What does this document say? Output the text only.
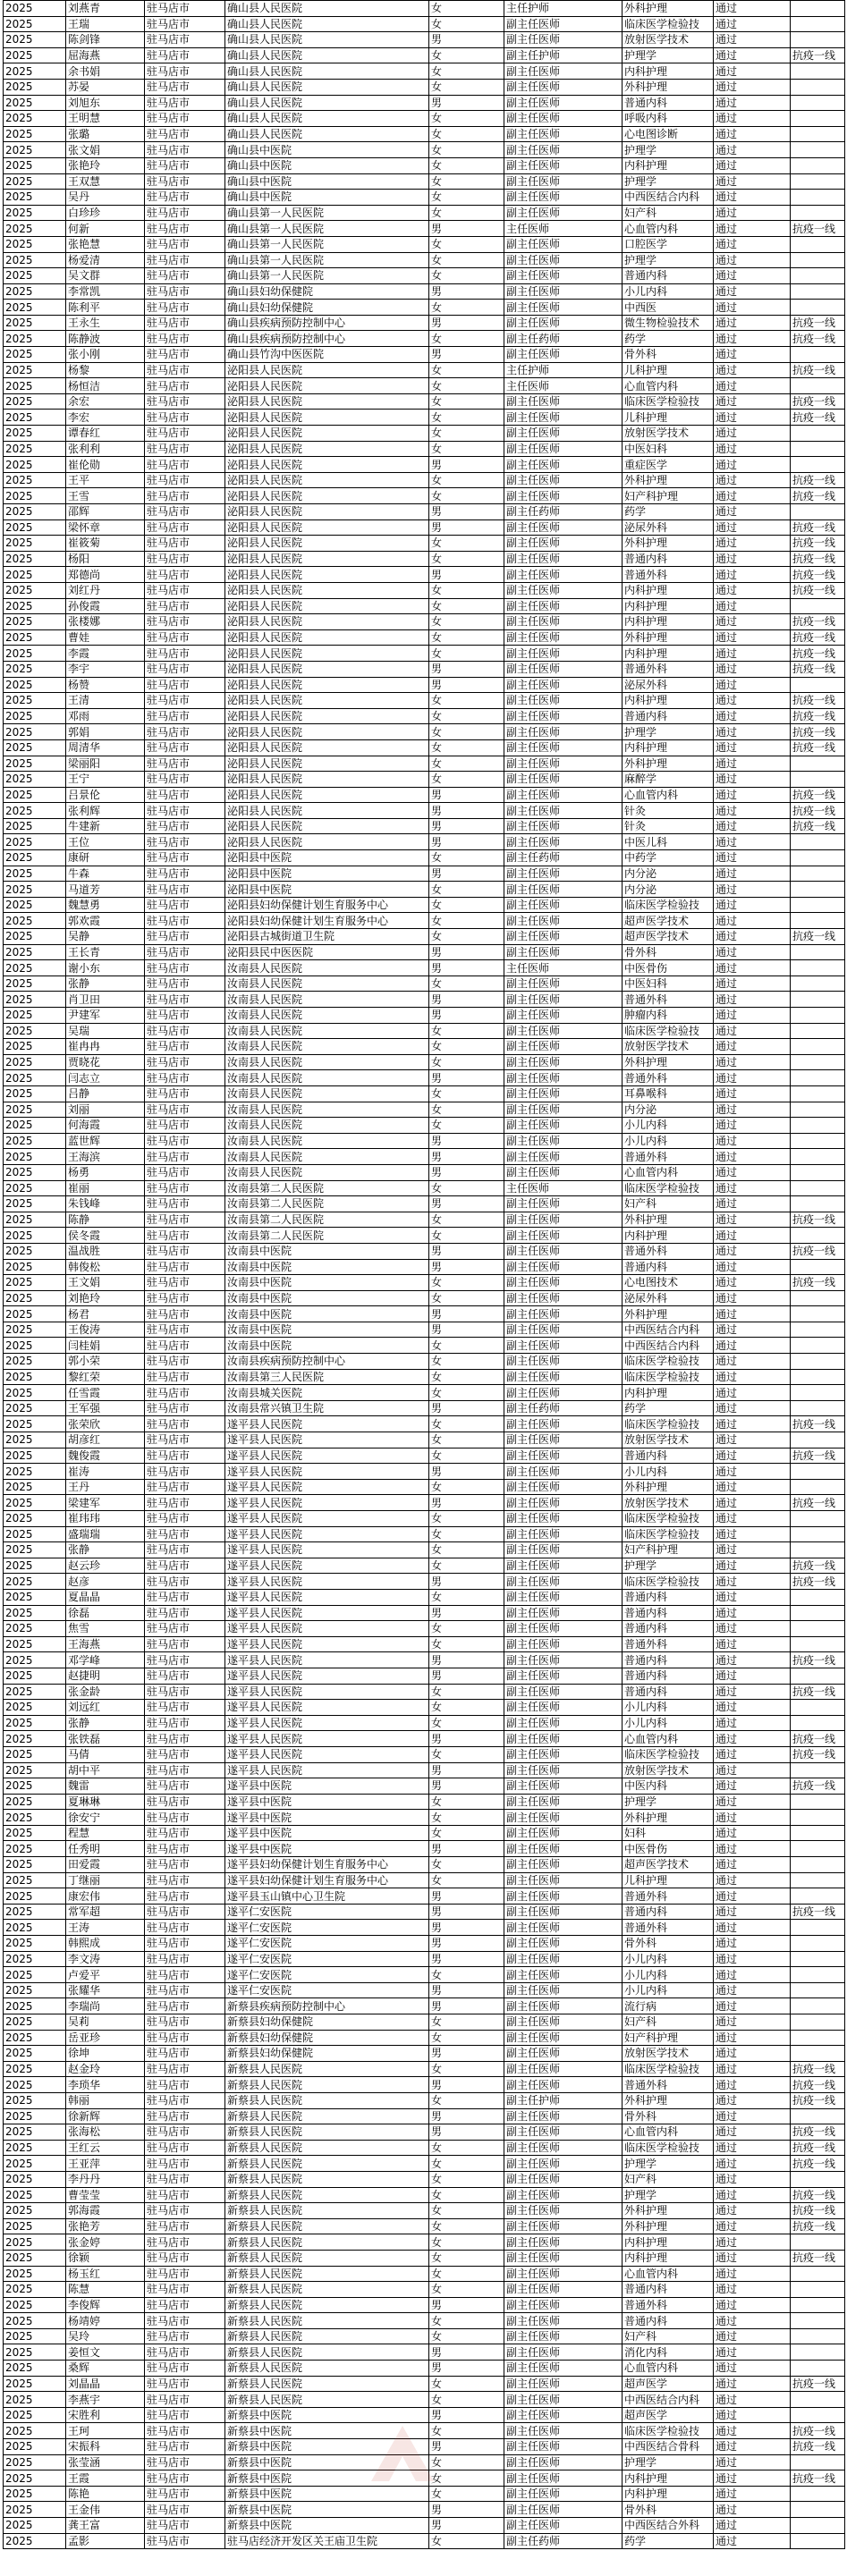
2025	刘燕青	驻马店市	确山县人民医院	女	主任护师	外科护理	通过	
2025	王瑞	驻马店市	确山县人民医院	女	副主任医师	临床医学检验技	通过	
2025	陈剑锋	驻马店市	确山县人民医院	男	副主任医师	放射医学技术	通过	
2025	屈海燕	驻马店市	确山县人民医院	女	副主任护师	护理学	通过	抗疫一线
2025	余书娟	驻马店市	确山县人民医院	女	副主任医师	内科护理	通过	
2025	苏晏	驻马店市	确山县人民医院	女	副主任医师	外科护理	通过	
2025	刘旭东	驻马店市	确山县人民医院	男	副主任医师	普通内科	通过	
2025	王明慧	驻马店市	确山县人民医院	女	副主任医师	呼吸内科	通过	
2025	张璐	驻马店市	确山县人民医院	女	副主任医师	心电图诊断	通过	
2025	张文娟	驻马店市	确山县中医院	女	副主任医师	护理学	通过	
2025	张艳玲	驻马店市	确山县中医院	女	副主任医师	内科护理	通过	
2025	王双慧	驻马店市	确山县中医院	女	副主任医师	护理学	通过	
2025	吴丹	驻马店市	确山县中医院	女	副主任医师	中西医结合内科	通过	
2025	白珍珍	驻马店市	确山县第一人民医院	女	副主任医师	妇产科	通过	
2025	何新	驻马店市	确山县第一人民医院	男	主任医师	心血管内科	通过	抗疫一线
2025	张艳慧	驻马店市	确山县第一人民医院	女	副主任医师	口腔医学	通过	
2025	杨爱清	驻马店市	确山县第一人民医院	女	副主任医师	护理学	通过	
2025	吴文群	驻马店市	确山县第一人民医院	女	副主任医师	普通内科	通过	
2025	李常凯	驻马店市	确山县妇幼保健院	男	副主任医师	小儿内科	通过	
2025	陈利平	驻马店市	确山县妇幼保健院	女	副主任医师	中西医	通过	
2025	王永生	驻马店市	确山县疾病预防控制中心	男	副主任医师	微生物检验技术	通过	抗疫一线
2025	陈静波	驻马店市	确山县疾病预防控制中心	女	副主任药师	药学	通过	抗疫一线
2025	张小刚	驻马店市	确山县竹沟中医医院	男	副主任医师	骨外科	通过	
2025	杨黎	驻马店市	泌阳县人民医院	女	主任护师	儿科护理	通过	抗疫一线
2025	杨恒洁	驻马店市	泌阳县人民医院	女	主任医师	心血管内科	通过	
2025	余宏	驻马店市	泌阳县人民医院	女	副主任医师	临床医学检验技	通过	抗疫一线
2025	李宏	驻马店市	泌阳县人民医院	女	副主任医师	儿科护理	通过	抗疫一线
2025	谭春红	驻马店市	泌阳县人民医院	女	副主任医师	放射医学技术	通过	
2025	张利利	驻马店市	泌阳县人民医院	女	副主任医师	中医妇科	通过	
2025	崔伦勋	驻马店市	泌阳县人民医院	男	副主任医师	重症医学	通过	
2025	王平	驻马店市	泌阳县人民医院	女	副主任医师	外科护理	通过	抗疫一线
2025	王雪	驻马店市	泌阳县人民医院	女	副主任医师	妇产科护理	通过	抗疫一线
2025	邵辉	驻马店市	泌阳县人民医院	男	副主任药师	药学	通过	
2025	梁怀章	驻马店市	泌阳县人民医院	男	副主任医师	泌尿外科	通过	抗疫一线
2025	崔筱菊	驻马店市	泌阳县人民医院	女	副主任医师	外科护理	通过	抗疫一线
2025	杨阳	驻马店市	泌阳县人民医院	女	副主任医师	普通内科	通过	抗疫一线
2025	郑德尚	驻马店市	泌阳县人民医院	男	副主任医师	普通外科	通过	抗疫一线
2025	刘红丹	驻马店市	泌阳县人民医院	女	副主任医师	内科护理	通过	抗疫一线
2025	孙俊霞	驻马店市	泌阳县人民医院	女	副主任医师	内科护理	通过	
2025	张楼娜	驻马店市	泌阳县人民医院	女	副主任医师	内科护理	通过	抗疫一线
2025	曹娃	驻马店市	泌阳县人民医院	女	副主任医师	外科护理	通过	抗疫一线
2025	李霞	驻马店市	泌阳县人民医院	女	副主任医师	内科护理	通过	抗疫一线
2025	李宇	驻马店市	泌阳县人民医院	男	副主任医师	普通外科	通过	抗疫一线
2025	杨赞	驻马店市	泌阳县人民医院	男	副主任医师	泌尿外科	通过	
2025	王清	驻马店市	泌阳县人民医院	女	副主任医师	内科护理	通过	抗疫一线
2025	邓雨	驻马店市	泌阳县人民医院	女	副主任医师	普通内科	通过	抗疫一线
2025	郭娟	驻马店市	泌阳县人民医院	女	副主任医师	护理学	通过	抗疫一线
2025	周清华	驻马店市	泌阳县人民医院	女	副主任医师	内科护理	通过	抗疫一线
2025	梁丽阳	驻马店市	泌阳县人民医院	女	副主任医师	外科护理	通过	
2025	王宁	驻马店市	泌阳县人民医院	女	副主任医师	麻醉学	通过	
2025	吕景伦	驻马店市	泌阳县人民医院	男	副主任医师	心血管内科	通过	抗疫一线
2025	张利辉	驻马店市	泌阳县人民医院	男	副主任医师	针灸	通过	抗疫一线
2025	牛建新	驻马店市	泌阳县人民医院	男	副主任医师	针灸	通过	抗疫一线
2025	王位	驻马店市	泌阳县人民医院	男	副主任医师	中医儿科	通过	
2025	康研	驻马店市	泌阳县中医院	女	副主任药师	中药学	通过	
2025	牛森	驻马店市	泌阳县中医院	男	副主任医师	内分泌	通过	
2025	马道芳	驻马店市	泌阳县中医院	女	副主任医师	内分泌	通过	
2025	魏慧勇	驻马店市	泌阳县妇幼保健计划生育服务中心	女	副主任医师	临床医学检验技	通过	
2025	郭欢霞	驻马店市	泌阳县妇幼保健计划生育服务中心	女	副主任医师	超声医学技术	通过	
2025	吴静	驻马店市	泌阳县古城街道卫生院	女	副主任医师	超声医学技术	通过	抗疫一线
2025	王长青	驻马店市	泌阳县民中医医院	男	副主任医师	骨外科	通过	
2025	谢小东	驻马店市	汝南县人民医院	男	主任医师	中医骨伤	通过	
2025	张静	驻马店市	汝南县人民医院	女	副主任医师	中医妇科	通过	
2025	肖卫田	驻马店市	汝南县人民医院	男	副主任医师	普通外科	通过	
2025	尹建军	驻马店市	汝南县人民医院	男	副主任医师	肿瘤内科	通过	
2025	吴瑞	驻马店市	汝南县人民医院	女	副主任医师	临床医学检验技	通过	
2025	崔冉冉	驻马店市	汝南县人民医院	女	副主任医师	放射医学技术	通过	
2025	贾晓花	驻马店市	汝南县人民医院	女	副主任医师	外科护理	通过	
2025	闫志立	驻马店市	汝南县人民医院	男	副主任医师	普通外科	通过	
2025	吕静	驻马店市	汝南县人民医院	女	副主任医师	耳鼻喉科	通过	
2025	刘丽	驻马店市	汝南县人民医院	女	副主任医师	内分泌	通过	
2025	何海霞	驻马店市	汝南县人民医院	女	副主任医师	小儿内科	通过	
2025	蓝世辉	驻马店市	汝南县人民医院	男	副主任医师	小儿内科	通过	
2025	王海滨	驻马店市	汝南县人民医院	男	副主任医师	普通外科	通过	
2025	杨勇	驻马店市	汝南县人民医院	男	副主任医师	心血管内科	通过	
2025	崔丽	驻马店市	汝南县第二人民医院	女	主任医师	临床医学检验技	通过	
2025	朱钱峰	驻马店市	汝南县第二人民医院	男	副主任医师	妇产科	通过	
2025	陈静	驻马店市	汝南县第二人民医院	女	副主任医师	外科护理	通过	抗疫一线
2025	侯冬霞	驻马店市	汝南县第二人民医院	女	副主任医师	内科护理	通过	
2025	温战胜	驻马店市	汝南县中医院	男	副主任医师	普通外科	通过	抗疫一线
2025	韩俊松	驻马店市	汝南县中医院	男	副主任医师	普通内科	通过	
2025	王文娟	驻马店市	汝南县中医院	女	副主任医师	心电图技术	通过	抗疫一线
2025	刘艳玲	驻马店市	汝南县中医院	女	副主任医师	泌尿外科	通过	
2025	杨君	驻马店市	汝南县中医院	男	副主任医师	外科护理	通过	
2025	王俊涛	驻马店市	汝南县中医院	男	副主任医师	中西医结合内科	通过	
2025	闫桂娟	驻马店市	汝南县中医院	女	副主任医师	中西医结合内科	通过	
2025	郭小荣	驻马店市	汝南县疾病预防控制中心	女	副主任医师	临床医学检验技	通过	
2025	黎红荣	驻马店市	汝南县第三人民医院	女	副主任医师	临床医学检验技	通过	
2025	任雪霞	驻马店市	汝南县城关医院	女	副主任医师	内科护理	通过	
2025	王军强	驻马店市	汝南县常兴镇卫生院	男	副主任药师	药学	通过	
2025	张荣欣	驻马店市	遂平县人民医院	女	副主任医师	临床医学检验技	通过	抗疫一线
2025	胡彦红	驻马店市	遂平县人民医院	女	副主任医师	放射医学技术	通过	
2025	魏俊霞	驻马店市	遂平县人民医院	女	副主任医师	普通内科	通过	抗疫一线
2025	崔涛	驻马店市	遂平县人民医院	男	副主任医师	小儿内科	通过	
2025	王丹	驻马店市	遂平县人民医院	女	副主任医师	外科护理	通过	
2025	梁建军	驻马店市	遂平县人民医院	男	副主任医师	放射医学技术	通过	抗疫一线
2025	崔玮玮	驻马店市	遂平县人民医院	女	副主任医师	临床医学检验技	通过	
2025	盛瑞瑞	驻马店市	遂平县人民医院	女	副主任医师	临床医学检验技	通过	
2025	张静	驻马店市	遂平县人民医院	女	副主任医师	妇产科护理	通过	
2025	赵云珍	驻马店市	遂平县人民医院	女	副主任医师	护理学	通过	抗疫一线
2025	赵彦	驻马店市	遂平县人民医院	男	副主任医师	临床医学检验技	通过	抗疫一线
2025	夏晶晶	驻马店市	遂平县人民医院	女	副主任医师	普通内科	通过	
2025	徐磊	驻马店市	遂平县人民医院	男	副主任医师	普通内科	通过	
2025	焦雪	驻马店市	遂平县人民医院	女	副主任医师	普通内科	通过	
2025	王海燕	驻马店市	遂平县人民医院	女	副主任医师	普通外科	通过	
2025	邓学峰	驻马店市	遂平县人民医院	男	副主任医师	普通内科	通过	抗疫一线
2025	赵捷明	驻马店市	遂平县人民医院	男	副主任医师	普通内科	通过	
2025	张金龄	驻马店市	遂平县人民医院	女	副主任医师	普通内科	通过	抗疫一线
2025	刘远红	驻马店市	遂平县人民医院	女	副主任医师	小儿内科	通过	
2025	张静	驻马店市	遂平县人民医院	女	副主任医师	小儿内科	通过	
2025	张铁磊	驻马店市	遂平县人民医院	男	副主任医师	心血管内科	通过	抗疫一线
2025	马倩	驻马店市	遂平县人民医院	女	副主任医师	临床医学检验技	通过	抗疫一线
2025	胡中平	驻马店市	遂平县人民医院	男	副主任医师	放射医学技术	通过	
2025	魏雷	驻马店市	遂平县中医院	男	副主任医师	中医内科	通过	抗疫一线
2025	夏琳琳	驻马店市	遂平县中医院	女	副主任医师	护理学	通过	
2025	徐安宁	驻马店市	遂平县中医院	女	副主任医师	外科护理	通过	
2025	程慧	驻马店市	遂平县中医院	女	副主任医师	妇科	通过	
2025	任秀明	驻马店市	遂平县中医院	男	副主任医师	中医骨伤	通过	
2025	田爱霞	驻马店市	遂平县妇幼保健计划生育服务中心	女	副主任医师	超声医学技术	通过	
2025	丁继丽	驻马店市	遂平县妇幼保健计划生育服务中心	女	副主任医师	儿科护理	通过	
2025	康宏伟	驻马店市	遂平县玉山镇中心卫生院	男	副主任医师	普通外科	通过	
2025	常军超	驻马店市	遂平仁安医院	男	副主任医师	普通内科	通过	抗疫一线
2025	王涛	驻马店市	遂平仁安医院	男	副主任医师	普通外科	通过	
2025	韩熙成	驻马店市	遂平仁安医院	男	副主任医师	骨外科	通过	
2025	李文涛	驻马店市	遂平仁安医院	男	副主任医师	小儿内科	通过	
2025	卢爱平	驻马店市	遂平仁安医院	女	副主任医师	小儿内科	通过	
2025	张耀华	驻马店市	遂平仁安医院	男	副主任医师	小儿内科	通过	
2025	李瑞尚	驻马店市	新蔡县疾病预防控制中心	男	副主任医师	流行病	通过	
2025	吴莉	驻马店市	新蔡县妇幼保健院	女	副主任医师	妇产科	通过	
2025	岳亚珍	驻马店市	新蔡县妇幼保健院	女	副主任医师	妇产科护理	通过	
2025	徐坤	驻马店市	新蔡县妇幼保健院	男	副主任医师	放射医学技术	通过	
2025	赵金玲	驻马店市	新蔡县人民医院	女	副主任医师	临床医学检验技	通过	抗疫一线
2025	李琐华	驻马店市	新蔡县人民医院	男	副主任医师	普通外科	通过	抗疫一线
2025	韩丽	驻马店市	新蔡县人民医院	女	副主任护师	外科护理	通过	抗疫一线
2025	徐新辉	驻马店市	新蔡县人民医院	男	副主任医师	骨外科	通过	
2025	张海松	驻马店市	新蔡县人民医院	男	副主任医师	心血管内科	通过	抗疫一线
2025	王红云	驻马店市	新蔡县人民医院	女	副主任医师	临床医学检验技	通过	抗疫一线
2025	王亚萍	驻马店市	新蔡县人民医院	女	副主任医师	护理学	通过	抗疫一线
2025	李丹丹	驻马店市	新蔡县人民医院	女	副主任医师	妇产科	通过	
2025	曹莹莹	驻马店市	新蔡县人民医院	女	副主任医师	护理学	通过	抗疫一线
2025	郭海霞	驻马店市	新蔡县人民医院	女	副主任医师	外科护理	通过	抗疫一线
2025	张艳芳	驻马店市	新蔡县人民医院	女	副主任医师	外科护理	通过	抗疫一线
2025	张金婷	驻马店市	新蔡县人民医院	女	副主任医师	内科护理	通过	
2025	徐颖	驻马店市	新蔡县人民医院	女	副主任医师	内科护理	通过	抗疫一线
2025	杨玉红	驻马店市	新蔡县人民医院	女	副主任医师	心血管内科	通过	
2025	陈慧	驻马店市	新蔡县人民医院	女	副主任医师	普通内科	通过	
2025	李俊辉	驻马店市	新蔡县人民医院	男	副主任医师	普通外科	通过	
2025	杨靖婷	驻马店市	新蔡县人民医院	女	副主任医师	普通内科	通过	
2025	吴玲	驻马店市	新蔡县人民医院	女	副主任医师	妇产科	通过	
2025	姜恒文	驻马店市	新蔡县人民医院	男	副主任医师	消化内科	通过	
2025	桑辉	驻马店市	新蔡县人民医院	男	副主任医师	心血管内科	通过	
2025	刘晶晶	驻马店市	新蔡县人民医院	女	副主任医师	超声医学	通过	抗疫一线
2025	李燕宇	驻马店市	新蔡县人民医院	女	副主任医师	中西医结合内科	通过	
2025	宋胜利	驻马店市	新蔡县中医院	男	副主任医师	超声医学	通过	
2025	王珂	驻马店市	新蔡县中医院	女	副主任医师	临床医学检验技	通过	抗疫一线
2025	宋振科	驻马店市	新蔡县中医院	男	副主任医师	中西医结合骨科	通过	抗疫一线
2025	张莹涵	驻马店市	新蔡县中医院	女	副主任医师	护理学	通过	
2025	王霞	驻马店市	新蔡县中医院	女	副主任医师	内科护理	通过	抗疫一线
2025	陈艳	驻马店市	新蔡县中医院	女	副主任医师	内科护理	通过	
2025	王金伟	驻马店市	新蔡县中医院	男	副主任医师	骨外科	通过	
2025	龚王富	驻马店市	新蔡县中医院	男	副主任医师	中西医结合外科	通过	
2025	孟影	驻马店市	驻马店经济开发区关王庙卫生院	女	副主任药师	药学	通过	
